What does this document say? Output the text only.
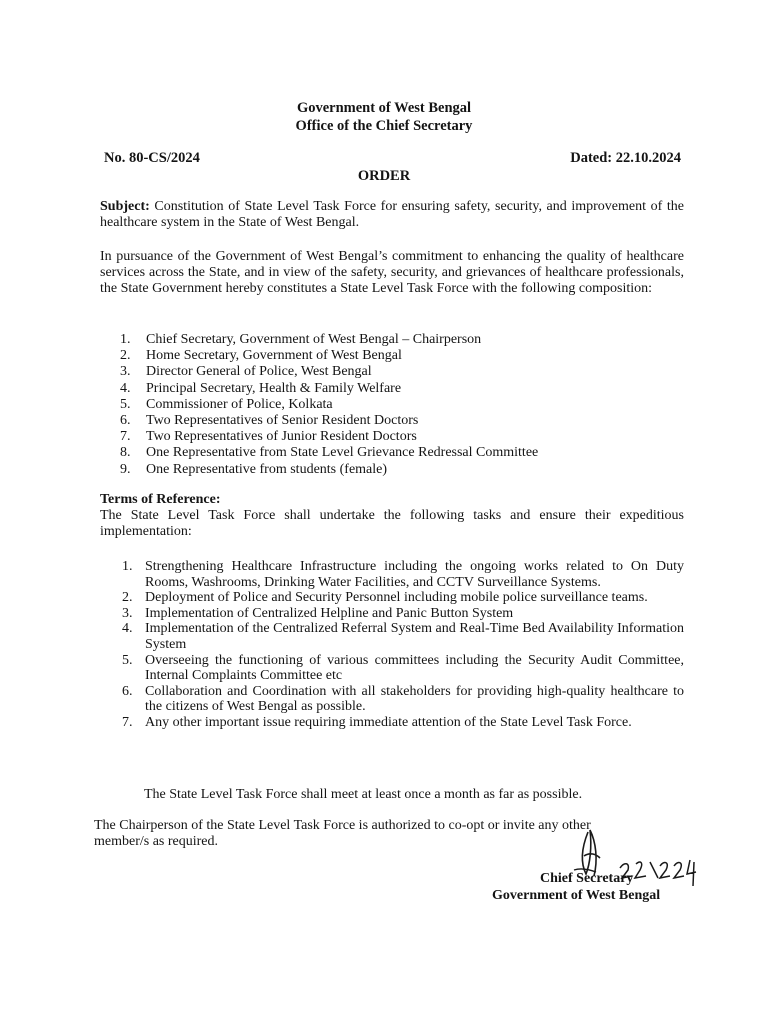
Government of West Bengal
Office of the Chief Secretary
No. 80-CS/2024	Dated: 22.10.2024
ORDER
Subject: Constitution of State Level Task Force for ensuring safety, security, and improvement of the healthcare system in the State of West Bengal.
In pursuance of the Government of West Bengal’s commitment to enhancing the quality of healthcare services across the State, and in view of the safety, security, and grievances of healthcare professionals, the State Government hereby constitutes a State Level Task Force with the following composition:
1. Chief Secretary, Government of West Bengal – Chairperson
2. Home Secretary, Government of West Bengal
3. Director General of Police, West Bengal
4. Principal Secretary, Health & Family Welfare
5. Commissioner of Police, Kolkata
6. Two Representatives of Senior Resident Doctors
7. Two Representatives of Junior Resident Doctors
8. One Representative from State Level Grievance Redressal Committee
9. One Representative from students (female)
Terms of Reference:
The State Level Task Force shall undertake the following tasks and ensure their expeditious implementation:
1. Strengthening Healthcare Infrastructure including the ongoing works related to On Duty Rooms, Washrooms, Drinking Water Facilities, and CCTV Surveillance Systems.
2. Deployment of Police and Security Personnel including mobile police surveillance teams.
3. Implementation of Centralized Helpline and Panic Button System
4. Implementation of the Centralized Referral System and Real-Time Bed Availability Information System
5. Overseeing the functioning of various committees including the Security Audit Committee, Internal Complaints Committee etc
6. Collaboration and Coordination with all stakeholders for providing high-quality healthcare to the citizens of West Bengal as possible.
7. Any other important issue requiring immediate attention of the State Level Task Force.
The State Level Task Force shall meet at least once a month as far as possible.
The Chairperson of the State Level Task Force is authorized to co-opt or invite any other
member/s as required.
Chief Secretary
Government of West Bengal
